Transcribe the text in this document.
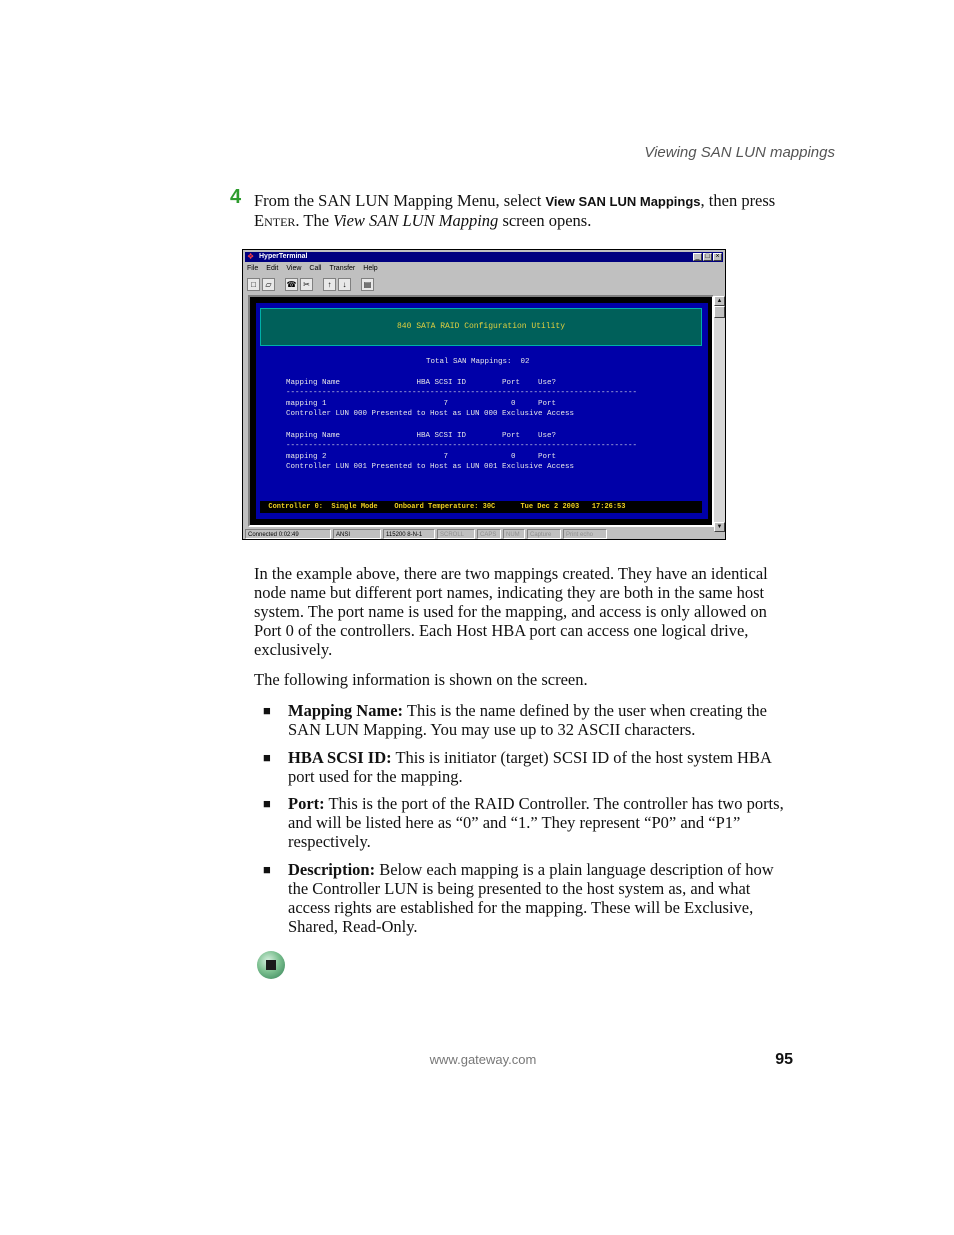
Viewing SAN LUN mappings
4 From the SAN LUN Mapping Menu, select View SAN LUN Mappings, then press Enter. The View SAN LUN Mapping screen opens.
❖ HyperTerminal	_ □ ×
File Edit View Call Transfer Help
□	▱	☎ ✂	↑	↓	▤
840 SATA RAID Configuration Utility
Total SAN Mappings:  02
Mapping Name                 HBA SCSI ID        Port    Use?
------------------------------------------------------------------------------
mapping 1                          7              0     Port
Controller LUN 000 Presented to Host as LUN 000 Exclusive Access
Mapping Name                 HBA SCSI ID        Port    Use?
------------------------------------------------------------------------------
mapping 2                          7              0     Port
Controller LUN 001 Presented to Host as LUN 001 Exclusive Access
Controller 0:  Single Mode    Onboard Temperature: 30C      Tue Dec 2 2003   17:26:53
▲
▼
Connected 0:02:49	ANSI	115200 8-N-1	SCROLL	CAPS	NUM	Capture	Print echo
In the example above, there are two mappings created. They have an identical node name but different port names, indicating they are both in the same host system. The port name is used for the mapping, and access is only allowed on Port 0 of the controllers. Each Host HBA port can access one logical drive, exclusively.
The following information is shown on the screen.
■ Mapping Name: This is the name defined by the user when creating the SAN LUN Mapping. You may use up to 32 ASCII characters.
■ HBA SCSI ID: This is initiator (target) SCSI ID of the host system HBA port used for the mapping.
■ Port: This is the port of the RAID Controller. The controller has two ports, and will be listed here as “0” and “1.” They represent “P0” and “P1” respectively.
■ Description: Below each mapping is a plain language description of how the Controller LUN is being presented to the host system as, and what access rights are established for the mapping. These will be Exclusive, Shared, Read-Only.
www.gateway.com	95
